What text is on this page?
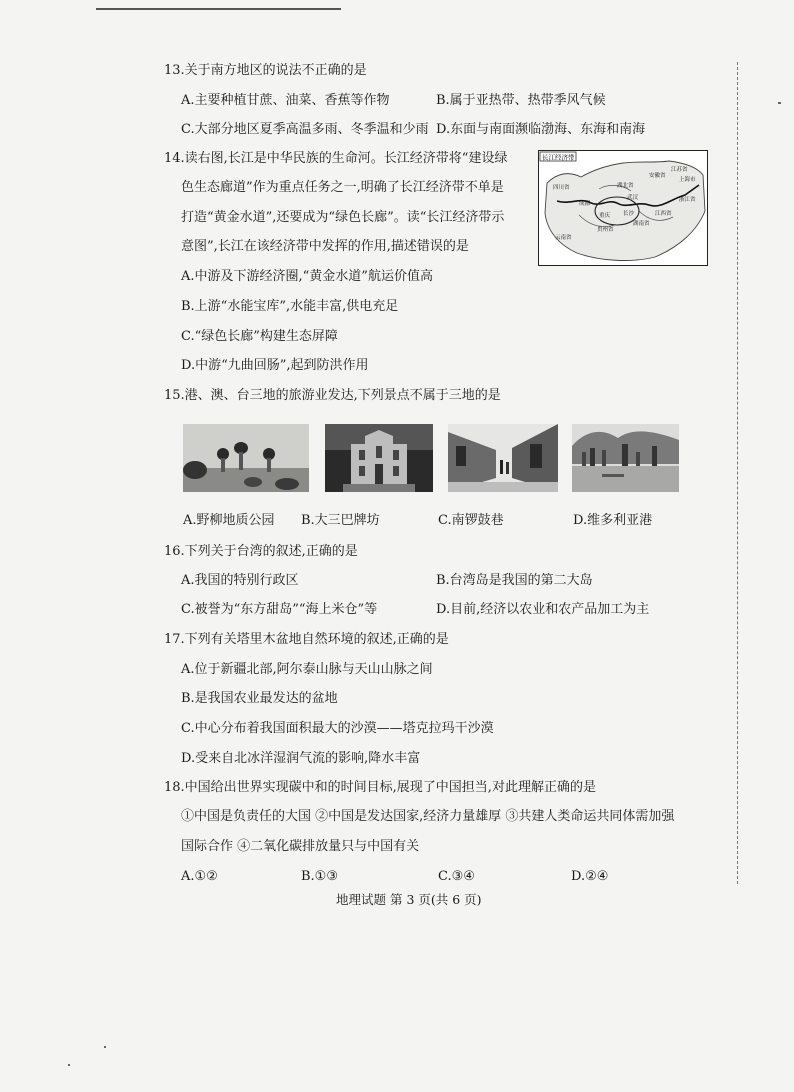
13.关于南方地区的说法不正确的是
A.主要种植甘蔗、油菜、香蕉等作物	B.属于亚热带、热带季风气候
C.大部分地区夏季高温多雨、冬季温和少雨 D.东面与南面濒临渤海、东海和南海
14.读右图,长江是中华民族的生命河。长江经济带将“建设绿
色生态廊道”作为重点任务之一,明确了长江经济带不单是
打造“黄金水道”,还要成为“绿色长廊”。读“长江经济带示
意图”,长江在该经济带中发挥的作用,描述错误的是
A.中游及下游经济圈,“黄金水道”航运价值高
B.上游“水能宝库”,水能丰富,供电充足
C.“绿色长廊”构建生态屏障
D.中游“九曲回肠”,起到防洪作用
长江经济带
四川省
成都
重庆
湖北省
武汉
安徽省
上海市
江苏省
浙江省
湖南省
长沙	江西省
贵州省
云南省
15.港、澳、台三地的旅游业发达,下列景点不属于三地的是
A.野柳地质公园 B.大三巴牌坊	C.南锣鼓巷	D.维多利亚港
16.下列关于台湾的叙述,正确的是
A.我国的特别行政区	B.台湾岛是我国的第二大岛
C.被誉为“东方甜岛”“海上米仓”等	D.目前,经济以农业和农产品加工为主
17.下列有关塔里木盆地自然环境的叙述,正确的是
A.位于新疆北部,阿尔泰山脉与天山山脉之间
B.是我国农业最发达的盆地
C.中心分布着我国面积最大的沙漠——塔克拉玛干沙漠
D.受来自北冰洋湿润气流的影响,降水丰富
18.中国给出世界实现碳中和的时间目标,展现了中国担当,对此理解正确的是
①中国是负责任的大国 ②中国是发达国家,经济力量雄厚 ③共建人类命运共同体需加强
国际合作 ④二氧化碳排放量只与中国有关
A.①②	B.①③	C.③④	D.②④
地理试题 第 3 页(共 6 页)
